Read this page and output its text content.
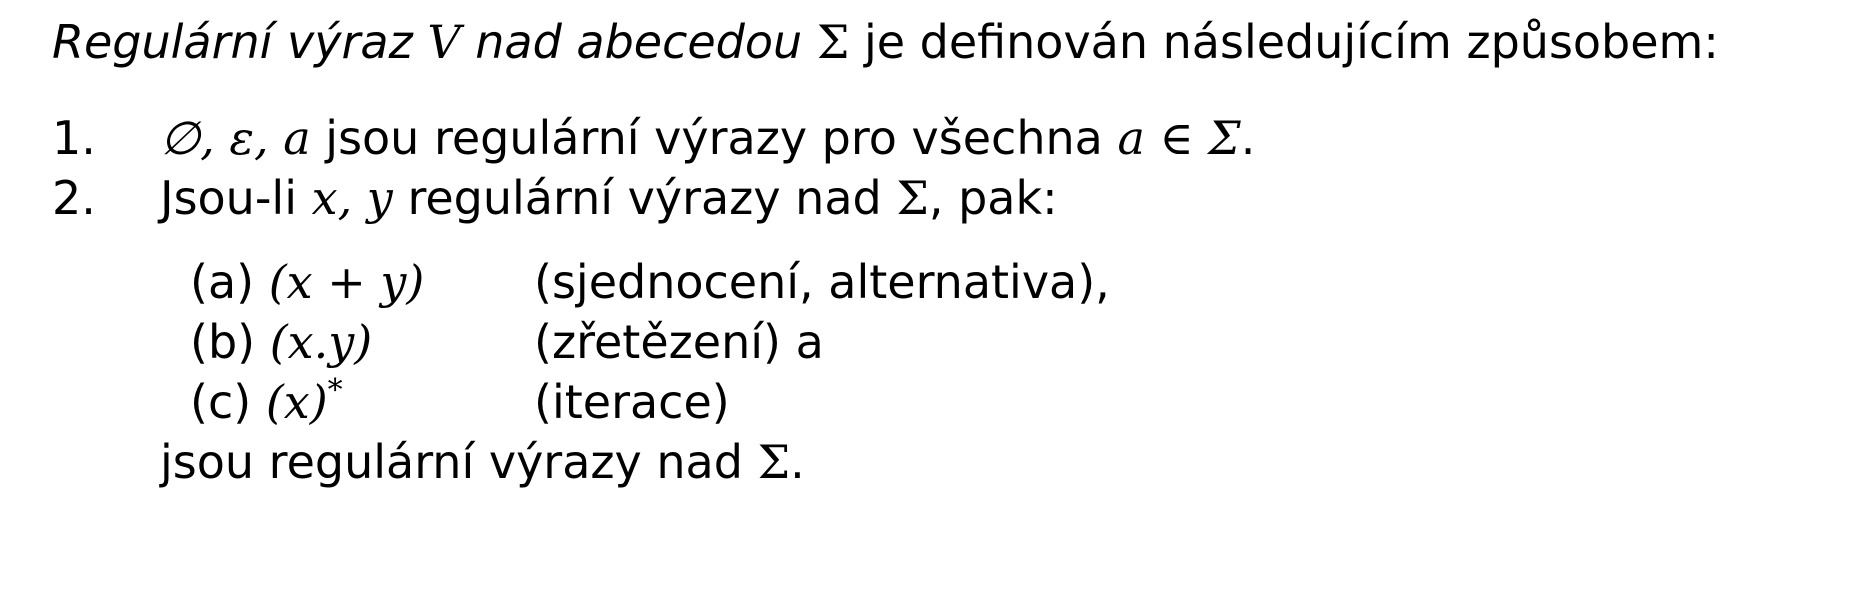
Regulární výraz V nad abecedou Σ je definován následujícím způsobem:
1. ∅, ε, a jsou regulární výrazy pro všechna a ∈ Σ.
2. Jsou-li x, y regulární výrazy nad Σ, pak:
(a) (x + y) (sjednocení, alternativa),
(b) (x.y)	(zřetězení) a
(c) (x)*	(iterace)
jsou regulární výrazy nad Σ.
